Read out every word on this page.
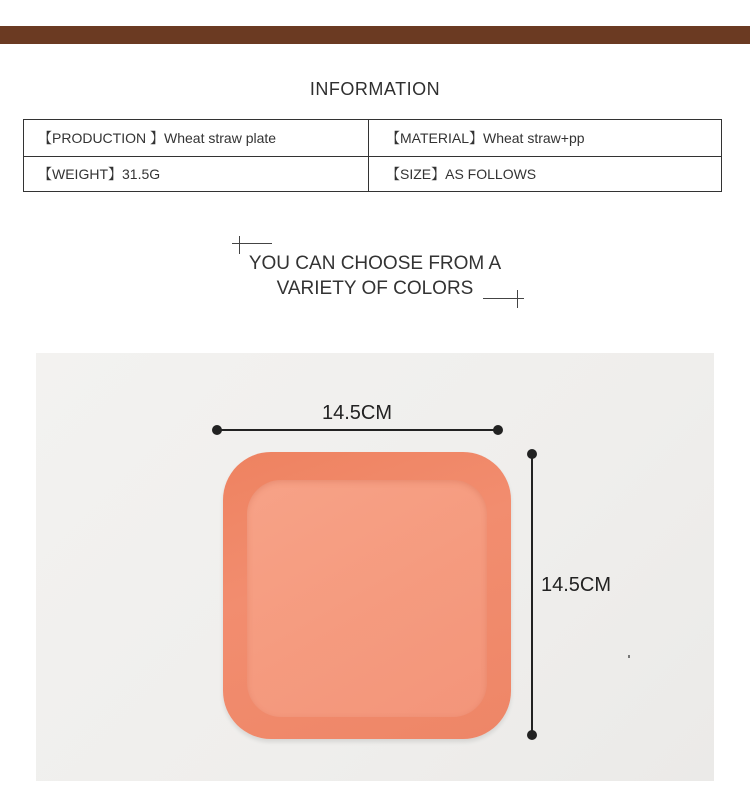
INFORMATION
【PRODUCTION 】Wheat straw plate	【MATERIAL】Wheat straw+pp
【WEIGHT】31.5G	【SIZE】AS FOLLOWS
YOU CAN CHOOSE FROM A
VARIETY OF COLORS
14.5CM
14.5CM
